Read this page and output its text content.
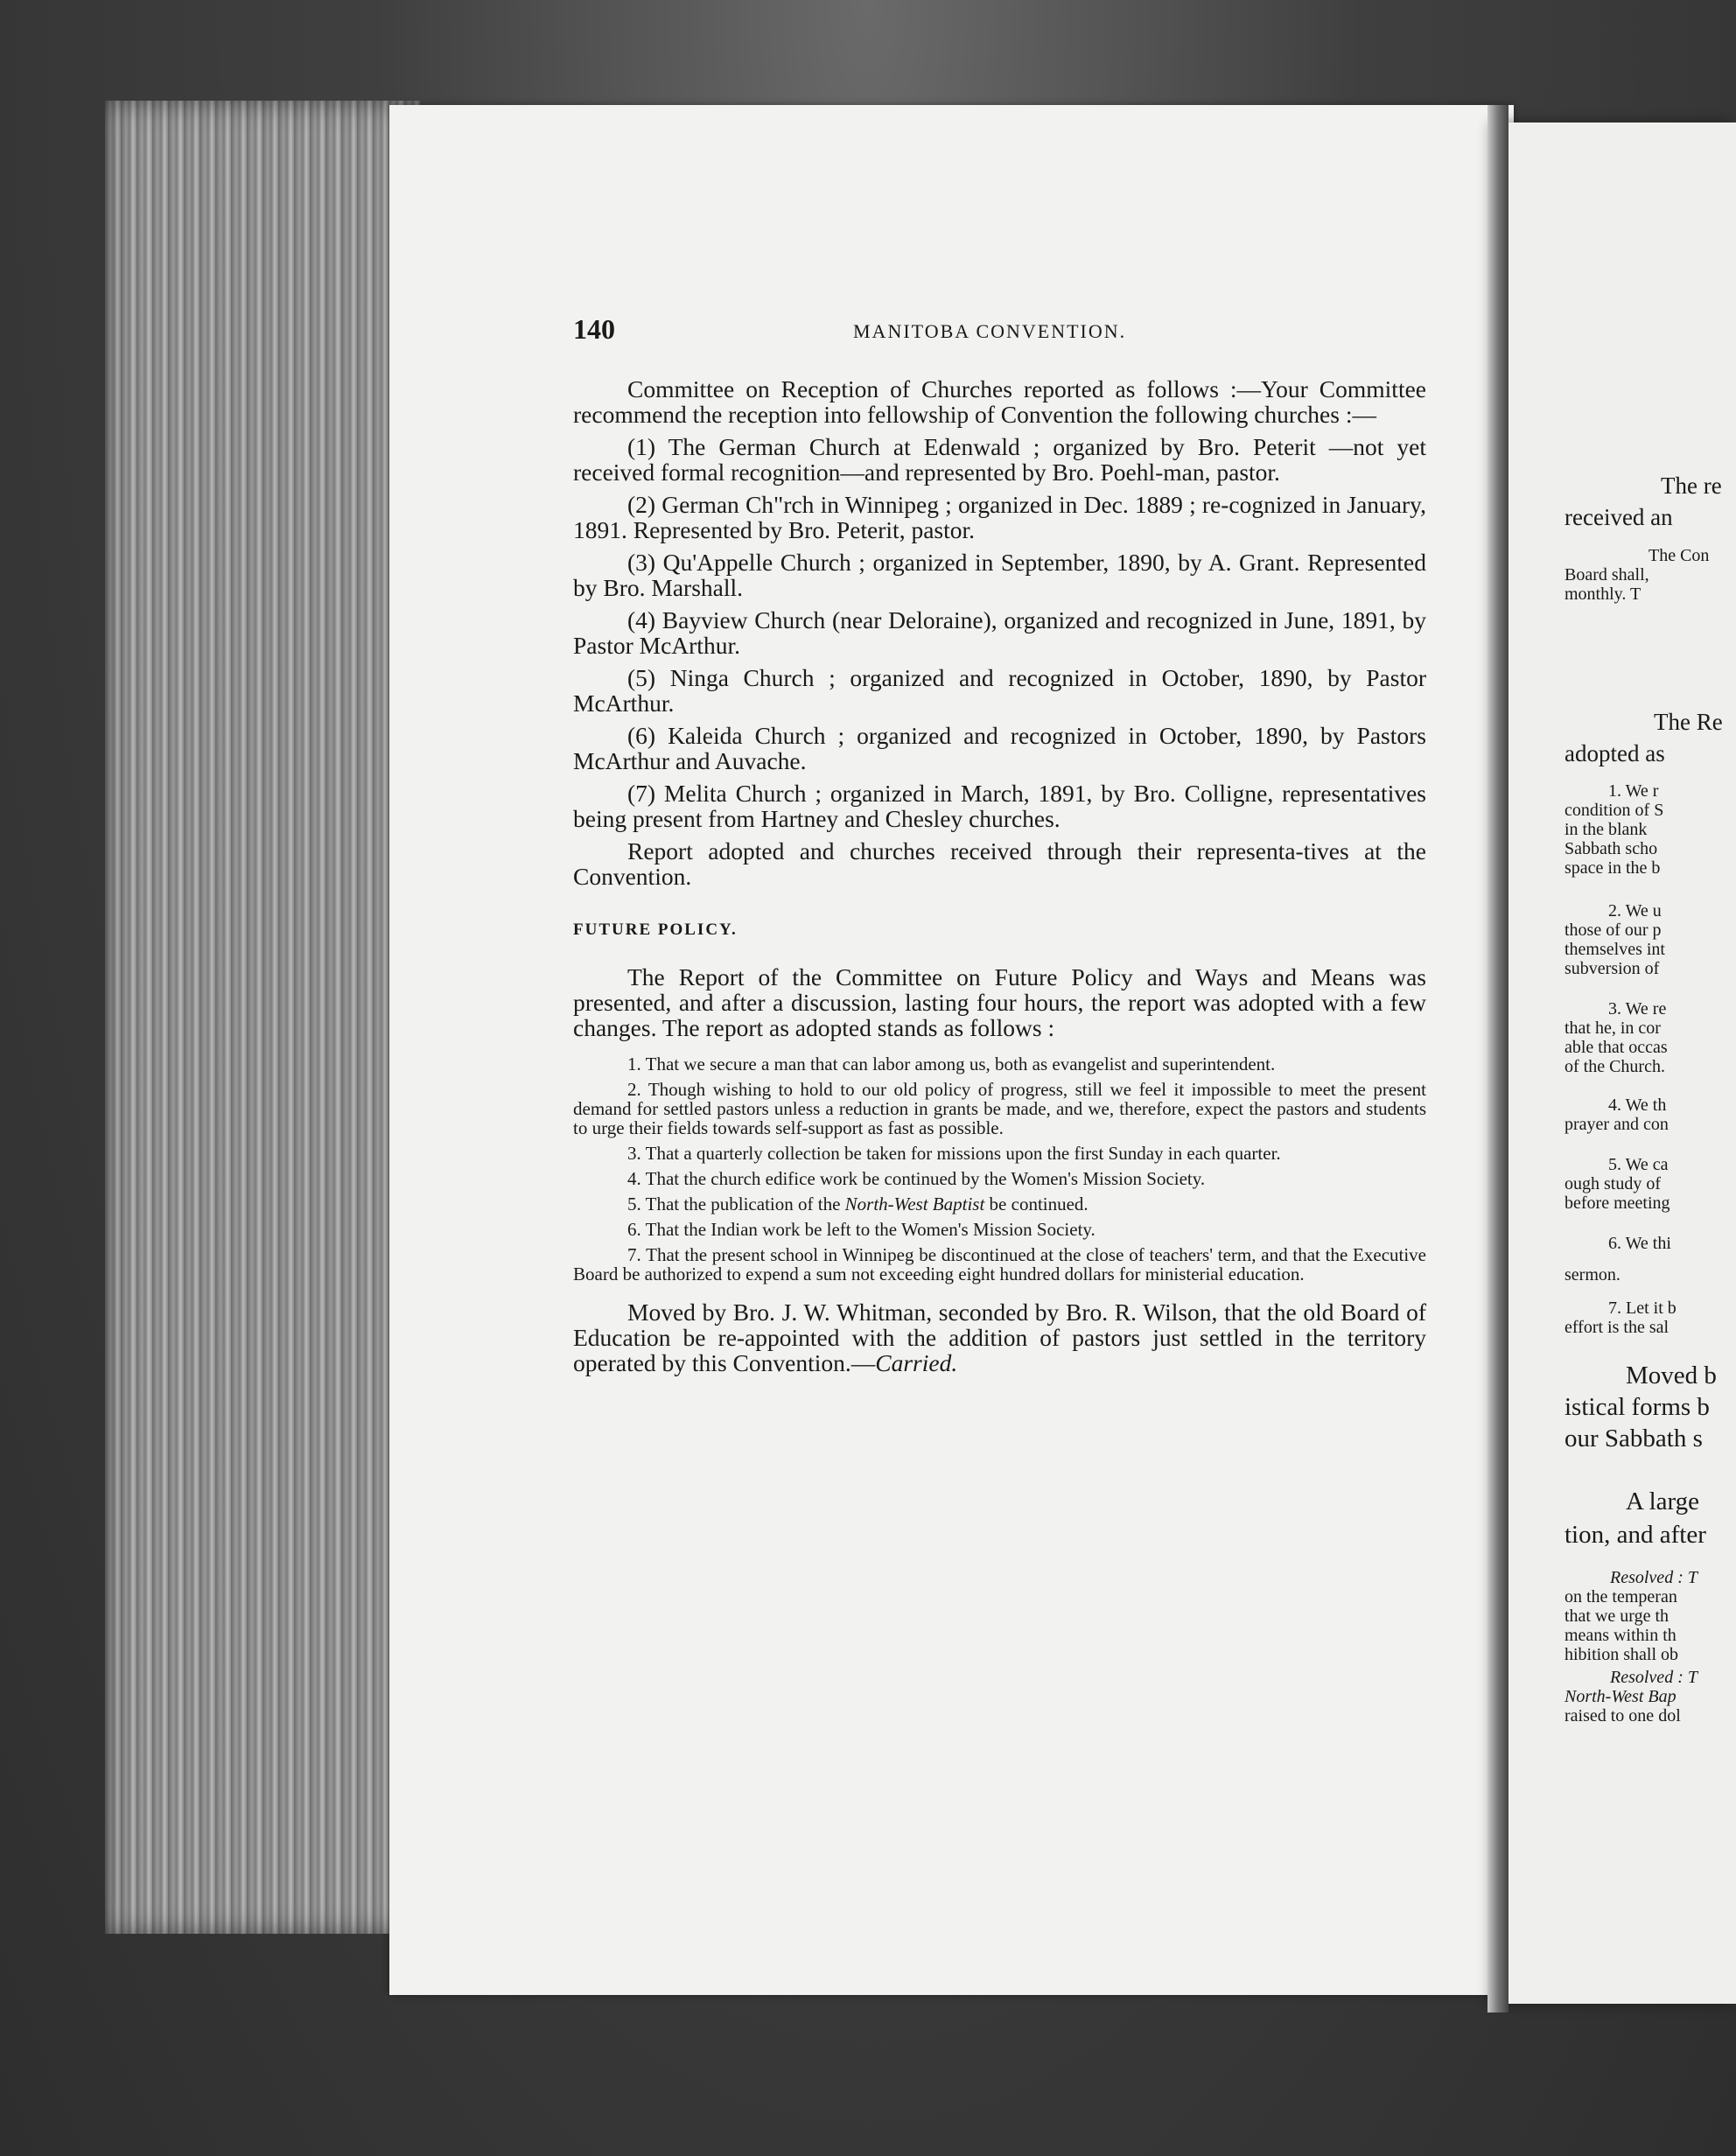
140	MANITOBA CONVENTION.

Committee on Reception of Churches reported as follows :—Your Committee recommend the reception into fellowship of Convention the following churches :—

(1) The German Church at Edenwald ; organized by Bro. Peterit —not yet received formal recognition—and represented by Bro. Poehl-man, pastor.

(2) German Ch"rch in Winnipeg ; organized in Dec. 1889 ; re-cognized in January, 1891. Represented by Bro. Peterit, pastor.

(3) Qu'Appelle Church ; organized in September, 1890, by A. Grant. Represented by Bro. Marshall.

(4) Bayview Church (near Deloraine), organized and recognized in June, 1891, by Pastor McArthur.

(5) Ninga Church ; organized and recognized in October, 1890, by Pastor McArthur.

(6) Kaleida Church ; organized and recognized in October, 1890, by Pastors McArthur and Auvache.

(7) Melita Church ; organized in March, 1891, by Bro. Colligne, representatives being present from Hartney and Chesley churches.

Report adopted and churches received through their representa-tives at the Convention.

FUTURE POLICY.

The Report of the Committee on Future Policy and Ways and Means was presented, and after a discussion, lasting four hours, the report was adopted with a few changes. The report as adopted stands as follows :

1. That we secure a man that can labor among us, both as evangelist and superintendent.

2. Though wishing to hold to our old policy of progress, still we feel it impossible to meet the present demand for settled pastors unless a reduction in grants be made, and we, therefore, expect the pastors and students to urge their fields towards self-support as fast as possible.

3. That a quarterly collection be taken for missions upon the first Sunday in each quarter.

4. That the church edifice work be continued by the Women's Mission Society.

5. That the publication of the North-West Baptist be continued.

6. That the Indian work be left to the Women's Mission Society.

7. That the present school in Winnipeg be discontinued at the close of teachers' term, and that the Executive Board be authorized to expend a sum not exceeding eight hundred dollars for ministerial education.

Moved by Bro. J. W. Whitman, seconded by Bro. R. Wilson, that the old Board of Education be re-appointed with the addition of pastors just settled in the territory operated by this Convention.—Carried.

The re
received an
The Con
Board shall,
monthly. T
The Re
adopted as
1. We r
condition of S
in the blank
Sabbath scho
space in the b
2. We u
those of our p
themselves int
subversion of
3. We re
that he, in cor
able that occas
of the Church.
4. We th
prayer and con
5. We ca
ough study of
before meeting
6. We thi
sermon.
7. Let it b
effort is the sal
Moved b
istical forms b
our Sabbath s
A large
tion, and after
Resolved : T
on the temperan
that we urge th
means within th
hibition shall ob
Resolved : T
North-West Bap
raised to one dol
